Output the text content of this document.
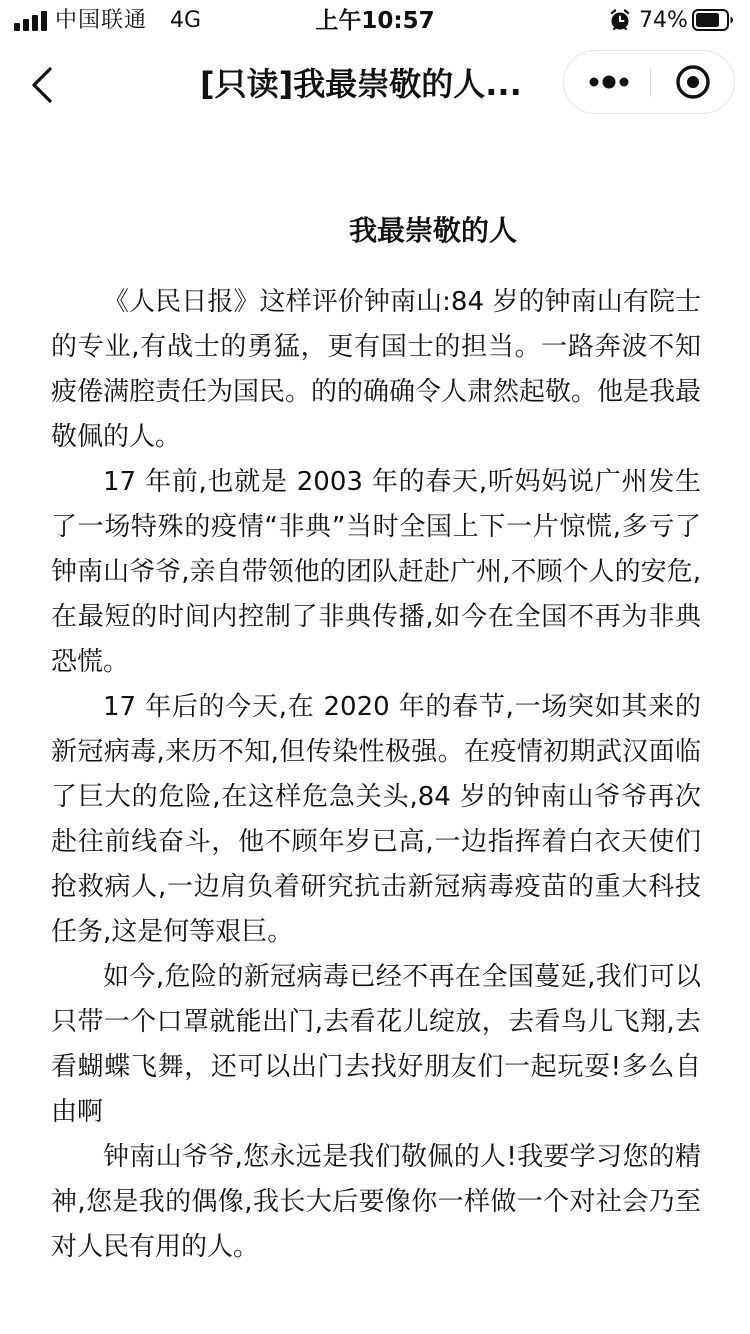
中国联通 4G	上午10:57	74%
[只读]我最崇敬的人...
我最崇敬的人

《人民日报》这样评价钟南山:84 岁的钟南山有院士的专业,有战士的勇猛，更有国士的担当。一路奔波不知疲倦满腔责任为国民。的的确确令人肃然起敬。他是我最敬佩的人。

17 年前,也就是 2003 年的春天,听妈妈说广州发生了一场特殊的疫情“非典”当时全国上下一片惊慌,多亏了钟南山爷爷,亲自带领他的团队赶赴广州,不顾个人的安危,在最短的时间内控制了非典传播,如今在全国不再为非典恐慌。

17 年后的今天,在 2020 年的春节,一场突如其来的新冠病毒,来历不知,但传染性极强。在疫情初期武汉面临了巨大的危险,在这样危急关头,84 岁的钟南山爷爷再次赴往前线奋斗，他不顾年岁已高,一边指挥着白衣天使们抢救病人,一边肩负着研究抗击新冠病毒疫苗的重大科技任务,这是何等艰巨。

如今,危险的新冠病毒已经不再在全国蔓延,我们可以只带一个口罩就能出门,去看花儿绽放，去看鸟儿飞翔,去看蝴蝶飞舞，还可以出门去找好朋友们一起玩耍!多么自由啊

钟南山爷爷,您永远是我们敬佩的人!我要学习您的精神,您是我的偶像,我长大后要像你一样做一个对社会乃至对人民有用的人。
